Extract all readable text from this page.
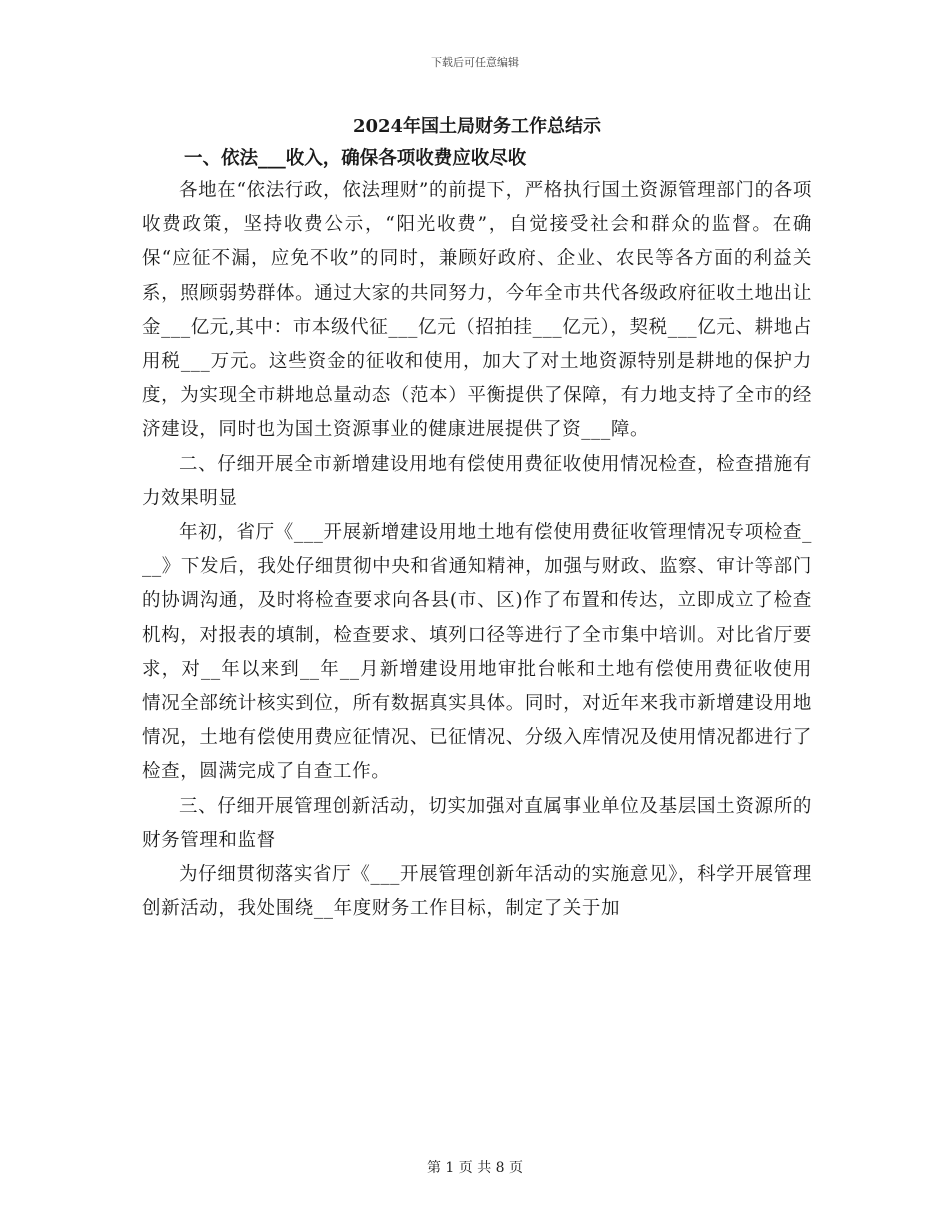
下载后可任意编辑
2024年国土局财务工作总结示
一、依法___收入，确保各项收费应收尽收

各地在“依法行政，依法理财”的前提下，严格执行国土资源管理部门的各项收费政策，坚持收费公示，“阳光收费”，自觉接受社会和群众的监督。在确保“应征不漏，应免不收”的同时，兼顾好政府、企业、农民等各方面的利益关系，照顾弱势群体。通过大家的共同努力，今年全市共代各级政府征收土地出让金___亿元,其中：市本级代征___亿元（招拍挂___亿元），契税___亿元、耕地占用税___万元。这些资金的征收和使用，加大了对土地资源特别是耕地的保护力度，为实现全市耕地总量动态（范本）平衡提供了保障，有力地支持了全市的经济建设，同时也为国土资源事业的健康进展提供了资___障。

二、仔细开展全市新增建设用地有偿使用费征收使用情况检查，检查措施有力效果明显

年初，省厅《___开展新增建设用地土地有偿使用费征收管理情况专项检查___》下发后，我处仔细贯彻中央和省通知精神，加强与财政、监察、审计等部门的协调沟通，及时将检查要求向各县(市、区)作了布置和传达，立即成立了检查机构，对报表的填制，检查要求、填列口径等进行了全市集中培训。对比省厅要求，对__年以来到__年__月新增建设用地审批台帐和土地有偿使用费征收使用情况全部统计核实到位，所有数据真实具体。同时，对近年来我市新增建设用地情况，土地有偿使用费应征情况、已征情况、分级入库情况及使用情况都进行了检查，圆满完成了自查工作。

三、仔细开展管理创新活动，切实加强对直属事业单位及基层国土资源所的财务管理和监督

为仔细贯彻落实省厅《___开展管理创新年活动的实施意见》，科学开展管理创新活动，我处围绕__年度财务工作目标，制定了关于加

第 1 页 共 8 页
